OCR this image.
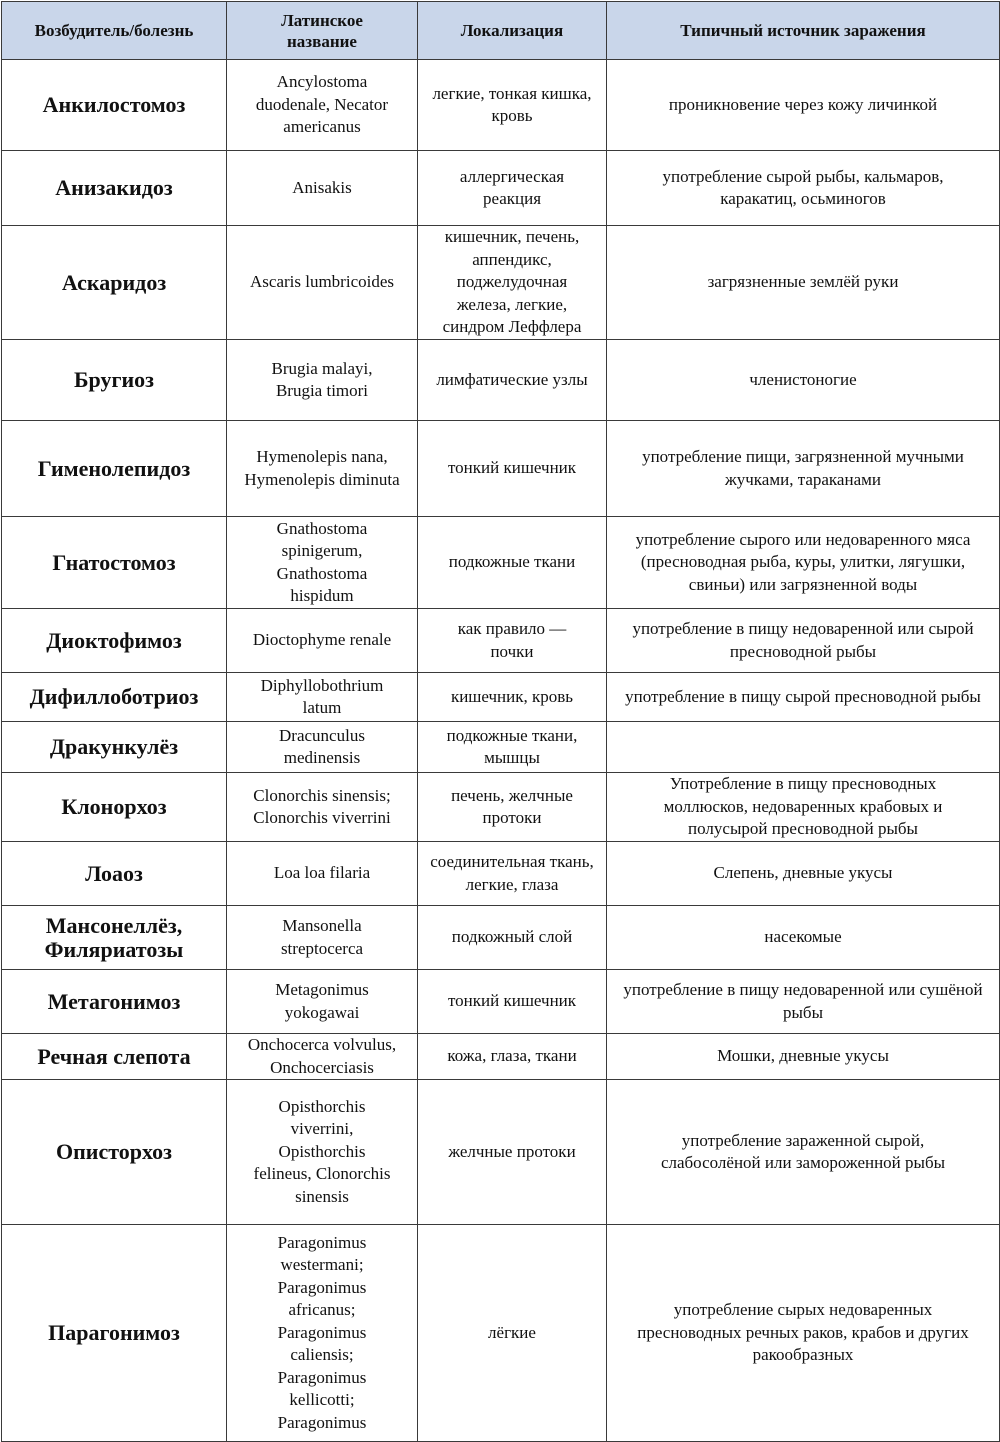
Возбудитель/болезнь	Латинское название	Локализация	Типичный источник заражения

Анкилостомоз	Ancylostoma duodenale, Necator americanus	легкие, тонкая кишка, кровь	проникновение через кожу личинкой

Анизакидоз	Anisakis	аллергическая реакция	употребление сырой рыбы, кальмаров, каракатиц, осьминогов

Аскаридоз	Ascaris lumbricoides	кишечник, печень, аппендикс, поджелудочная железа, легкие, синдром Леффлера	загрязненные землёй руки

Бругиоз	Brugia malayi, Brugia timori	лимфатические узлы	членистоногие

Гименолепидоз	Hymenolepis nana, Hymenolepis diminuta	тонкий кишечник	употребление пищи, загрязненной мучными жучками, тараканами

Гнатостомоз	Gnathostoma spinigerum, Gnathostoma hispidum	подкожные ткани	употребление сырого или недоваренного мяса (пресноводная рыба, куры, улитки, лягушки, свиньи) или загрязненной воды

Диоктофимоз	Dioctophyme renale	как правило — почки	употребление в пищу недоваренной или сырой пресноводной рыбы

Дифиллоботриоз	Diphyllobothrium latum	кишечник, кровь	употребление в пищу сырой пресноводной рыбы

Дракункулёз	Dracunculus medinensis	подкожные ткани, мышцы	

Клонорхоз	Clonorchis sinensis; Clonorchis viverrini	печень, желчные протоки	Употребление в пищу пресноводных моллюсков, недоваренных крабовых и полусырой пресноводной рыбы

Лоаоз	Loa loa filaria	соединительная ткань, легкие, глаза	Слепень, дневные укусы

Мансонеллёз, Филяриатозы	Mansonella streptocerca	подкожный слой	насекомые

Метагонимоз	Metagonimus yokogawai	тонкий кишечник	употребление в пищу недоваренной или сушёной рыбы

Речная слепота	Onchocerca volvulus, Onchocerciasis	кожа, глаза, ткани	Мошки, дневные укусы

Описторхоз	Opisthorchis viverrini, Opisthorchis felineus, Clonorchis sinensis	желчные протоки	употребление зараженной сырой, слабосолёной или замороженной рыбы

Парагонимоз	Paragonimus westermani; Paragonimus africanus; Paragonimus caliensis; Paragonimus kellicotti; Paragonimus	лёгкие	употребление сырых недоваренных пресноводных речных раков, крабов и других ракообразных
